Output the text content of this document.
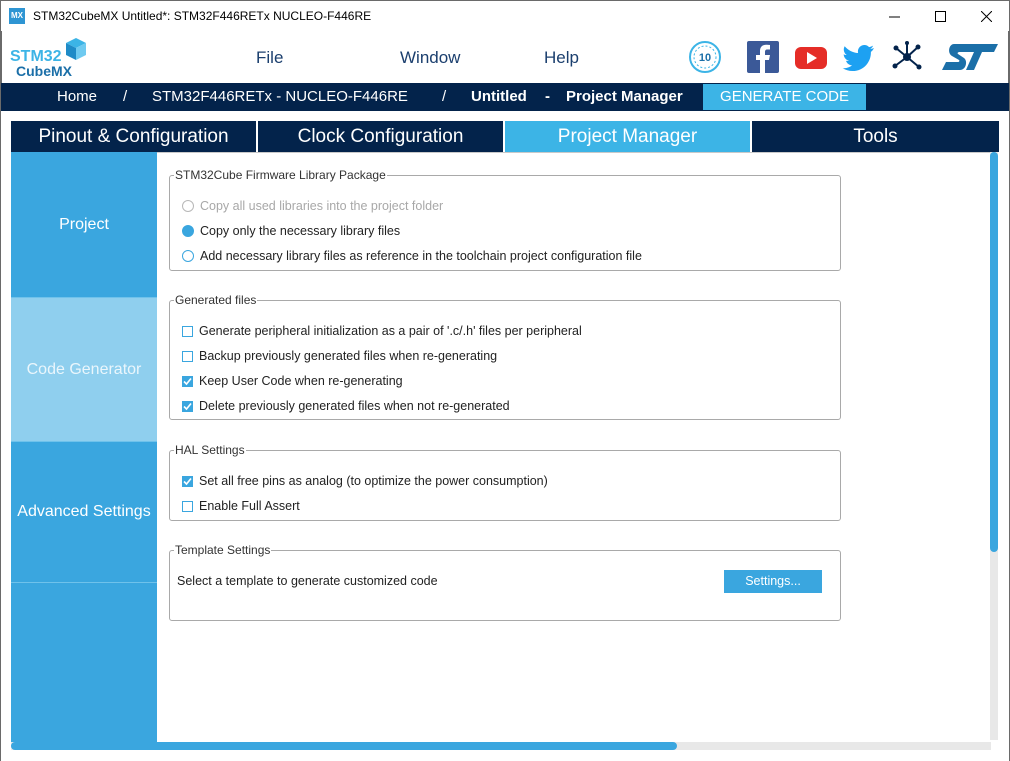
MX STM32CubeMX Untitled*: STM32F446RETx NUCLEO-F446RE
STM32
CubeMX
File	Window	Help	10
Home / STM32F446RETx - NUCLEO-F446RE / Untitled - Project Manager	GENERATE CODE
Pinout & Configuration	Clock Configuration	Project Manager	Tools
Project
Code Generator
Advanced Settings
STM32Cube Firmware Library Package
Copy all used libraries into the project folder
Copy only the necessary library files
Add necessary library files as reference in the toolchain project configuration file
Generated files
Generate peripheral initialization as a pair of '.c/.h' files per peripheral
Backup previously generated files when re-generating
Keep User Code when re-generating
Delete previously generated files when not re-generated
HAL Settings
Set all free pins as analog (to optimize the power consumption)
Enable Full Assert
Template Settings
Select a template to generate customized code	Settings...
